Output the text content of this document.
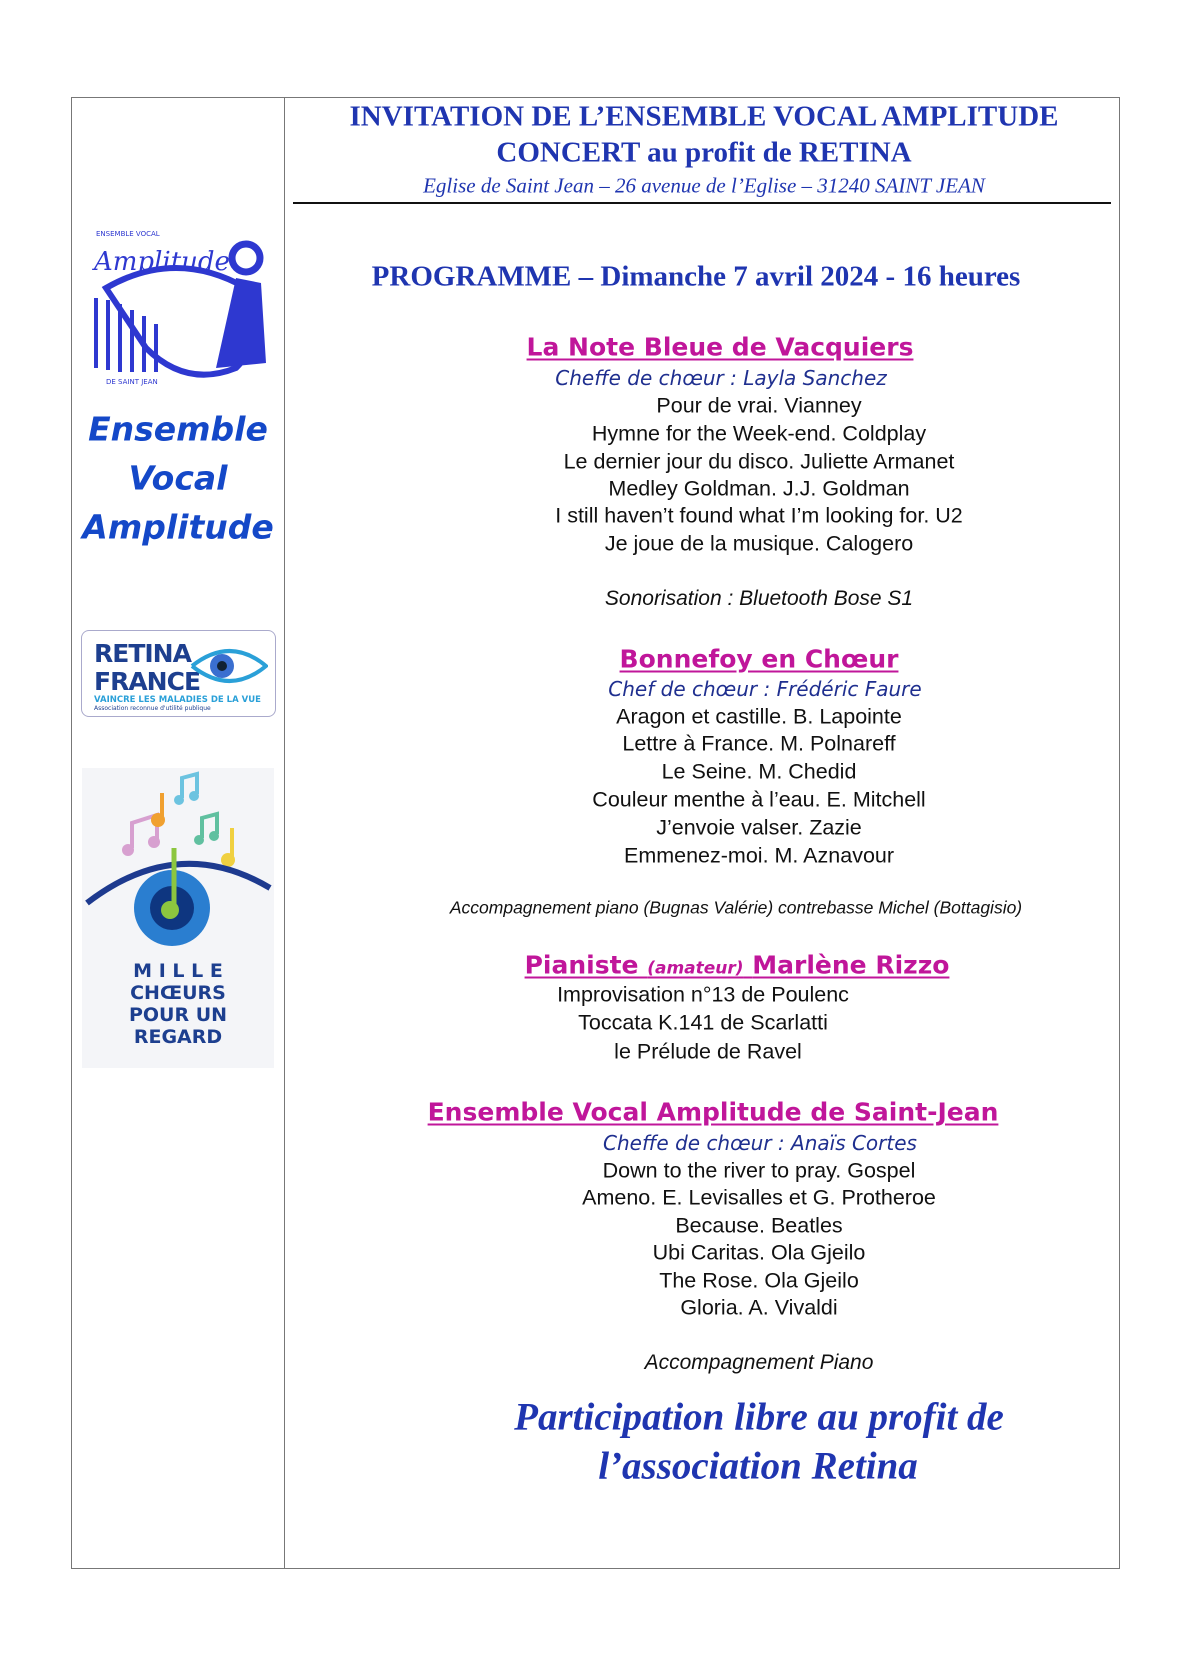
Amplitude
ENSEMBLE VOCAL
DE SAINT JEAN
Ensemble
Vocal
Amplitude
RETINA
FRANCE
VAINCRE LES MALADIES DE LA VUE
Association reconnue d'utilité publique
M I L L E
CHŒURS
POUR UN
REGARD
INVITATION DE L’ENSEMBLE VOCAL AMPLITUDE
CONCERT au profit de RETINA
Eglise de Saint Jean – 26 avenue de l’Eglise – 31240 SAINT JEAN
PROGRAMME – Dimanche 7 avril 2024 - 16 heures
La Note Bleue de Vacquiers
Cheffe de chœur : Layla Sanchez
Pour de vrai. Vianney
Hymne for the Week-end. Coldplay
Le dernier jour du disco. Juliette Armanet
Medley Goldman. J.J. Goldman
I still haven’t found what I’m looking for. U2
Je joue de la musique. Calogero
Sonorisation : Bluetooth Bose S1
Bonnefoy en Chœur
Chef de chœur : Frédéric Faure
Aragon et castille. B. Lapointe
Lettre à France. M. Polnareff
Le Seine. M. Chedid
Couleur menthe à l’eau. E. Mitchell
J’envoie valser. Zazie
Emmenez-moi. M. Aznavour
Accompagnement piano (Bugnas Valérie) contrebasse Michel (Bottagisio)
Pianiste (amateur) Marlène Rizzo
Improvisation n°13 de Poulenc
Toccata K.141 de Scarlatti
le Prélude de Ravel
Ensemble Vocal Amplitude de Saint-Jean
Cheffe de chœur : Anaïs Cortes
Down to the river to pray. Gospel
Ameno. E. Levisalles et G. Protheroe
Because. Beatles
Ubi Caritas. Ola Gjeilo
The Rose. Ola Gjeilo
Gloria. A. Vivaldi
Accompagnement Piano
Participation libre au profit de
l’association Retina
